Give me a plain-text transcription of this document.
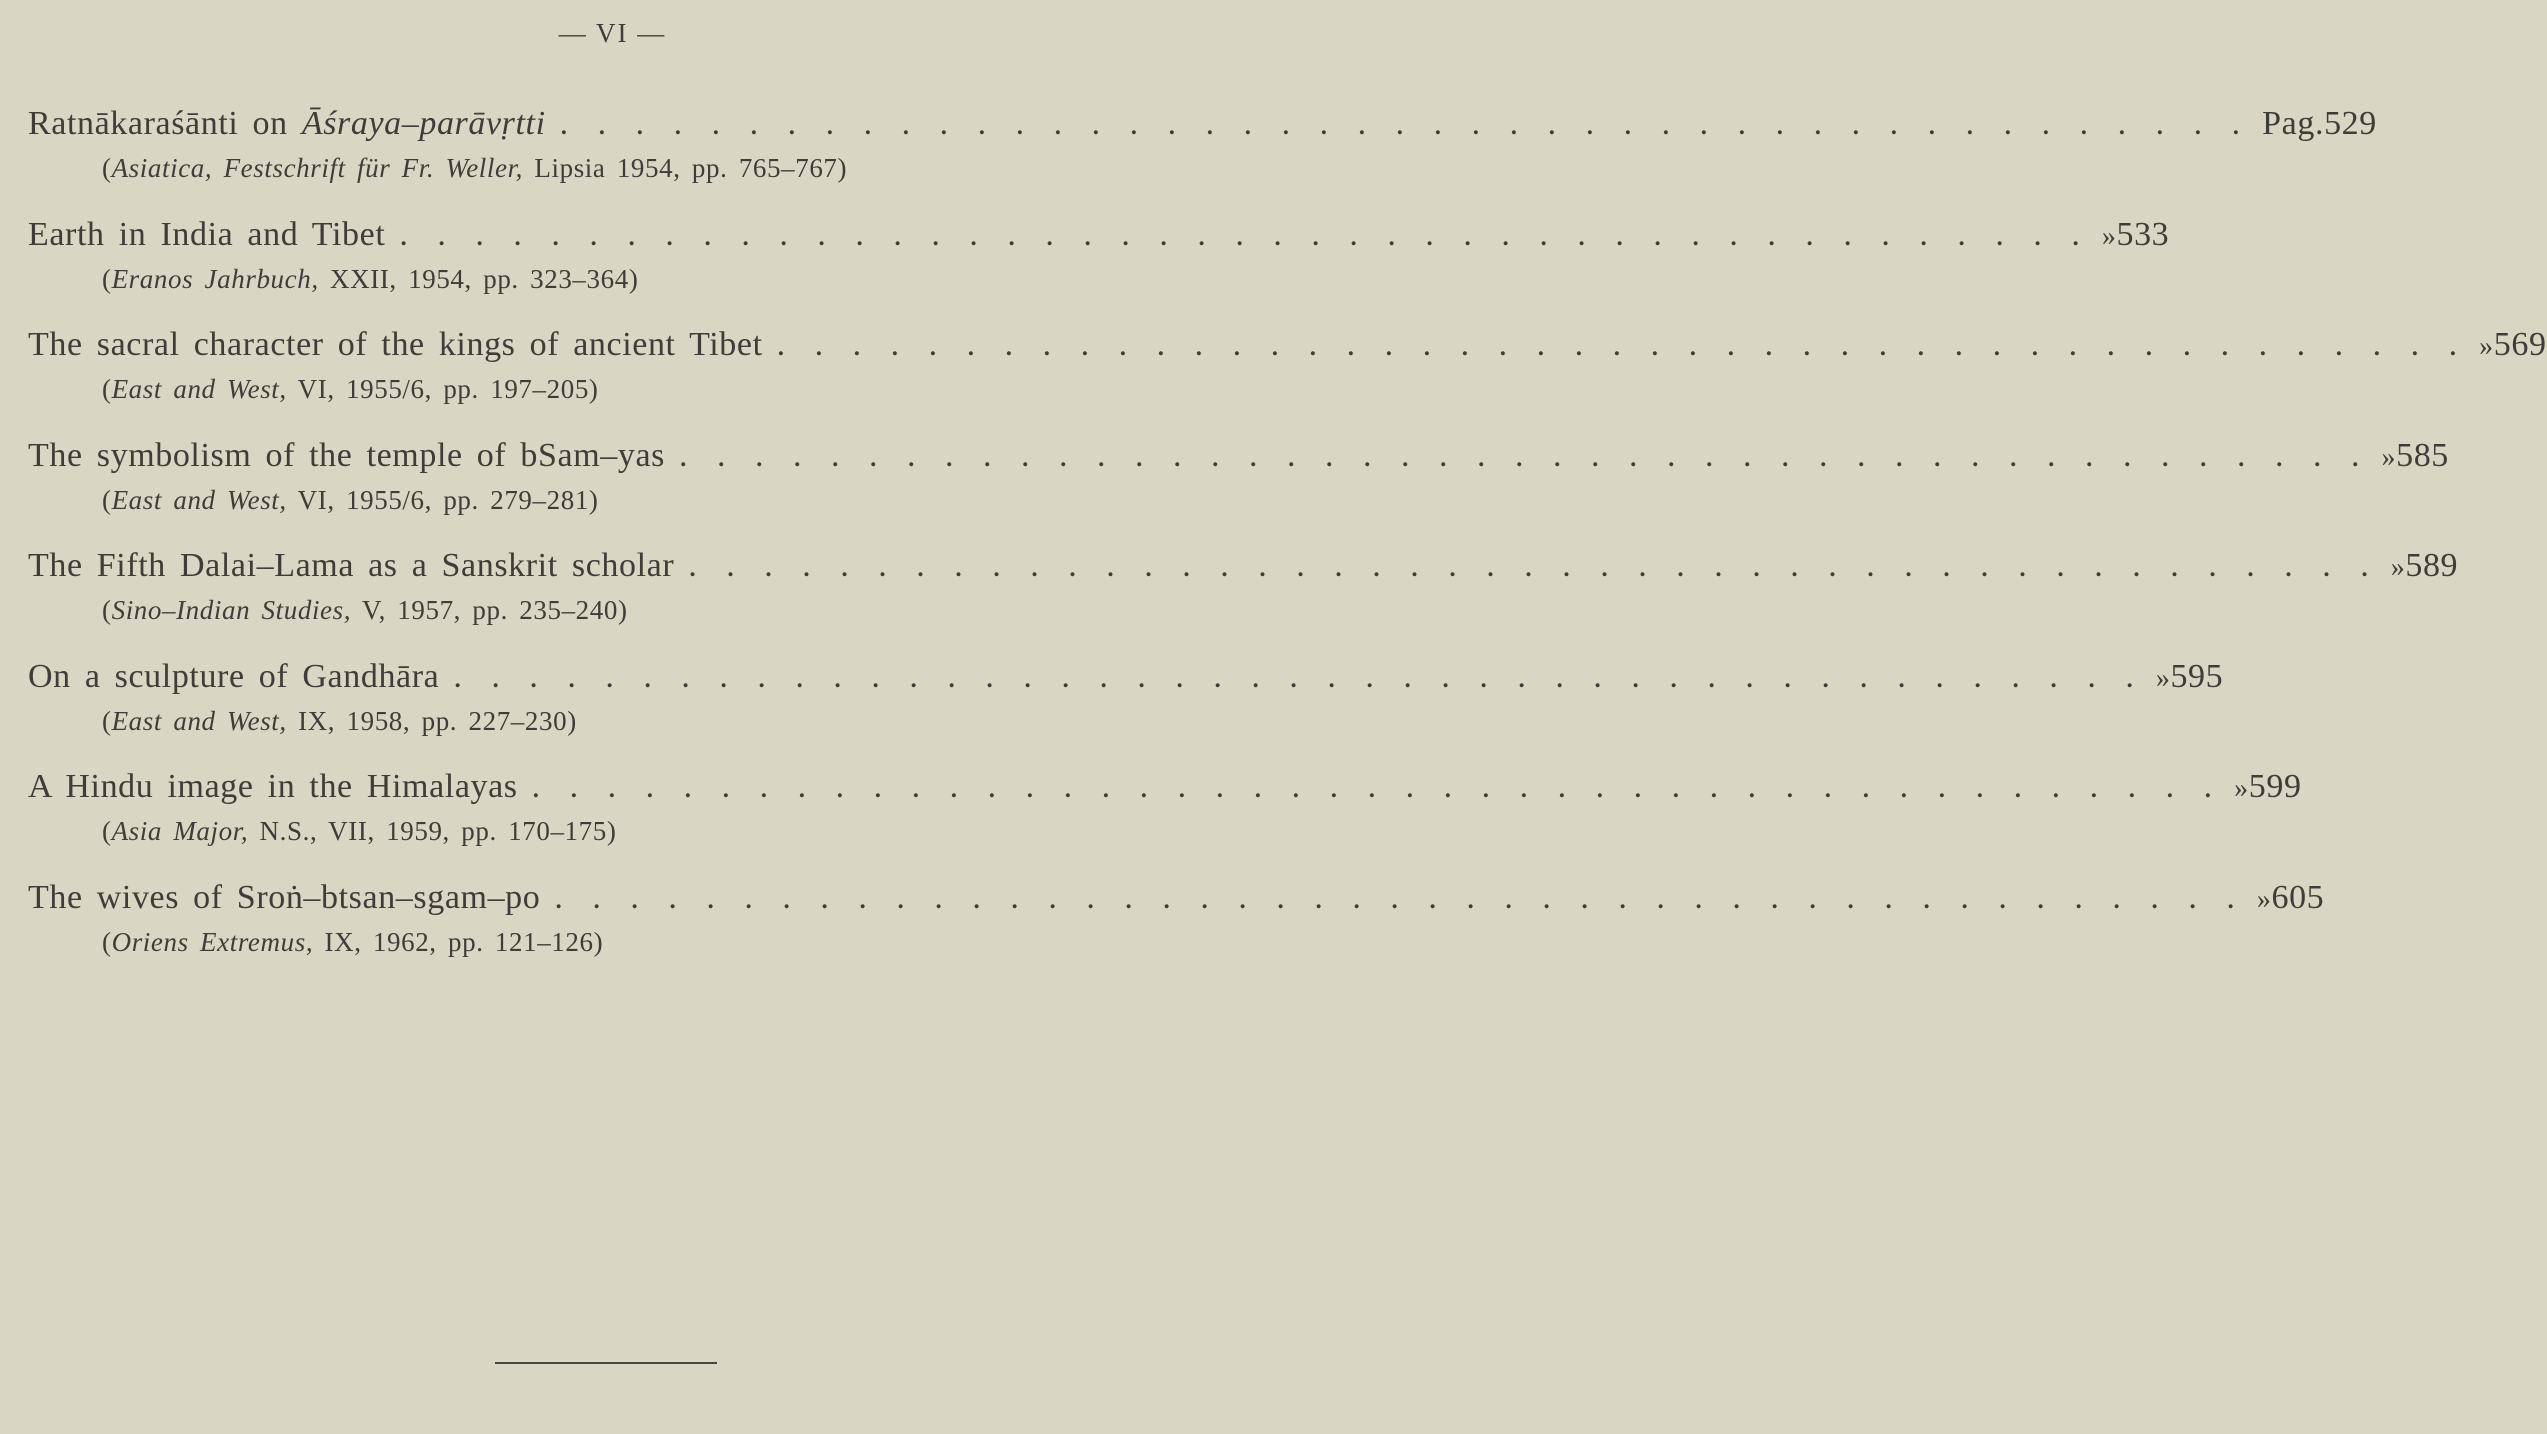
— VI —
Ratnākaraśānti on Āśraya–parāvṛtti . . . . . . . . . . . . . . . . . . . . . . . . . . . . . . . . . . . . . . . . . . . . . Pag. 529
(Asiatica, Festschrift für Fr. Weller, Lipsia 1954, pp. 765–767)
Earth in India and Tibet . . . . . . . . . . . . . . . . . . . . . . . . . . . . . . . . . . . . . . . . . . . . . » 533
(Eranos Jahrbuch, XXII, 1954, pp. 323–364)
The sacral character of the kings of ancient Tibet . . . . . . . . . . . . . . . . . . . . . . . . . . . . . . . . . . . . . . . . . . . . . » 569
(East and West, VI, 1955/6, pp. 197–205)
The symbolism of the temple of bSam–yas . . . . . . . . . . . . . . . . . . . . . . . . . . . . . . . . . . . . . . . . . . . . . » 585
(East and West, VI, 1955/6, pp. 279–281)
The Fifth Dalai–Lama as a Sanskrit scholar . . . . . . . . . . . . . . . . . . . . . . . . . . . . . . . . . . . . . . . . . . . . . » 589
(Sino–Indian Studies, V, 1957, pp. 235–240)
On a sculpture of Gandhāra . . . . . . . . . . . . . . . . . . . . . . . . . . . . . . . . . . . . . . . . . . . . . » 595
(East and West, IX, 1958, pp. 227–230)
A Hindu image in the Himalayas . . . . . . . . . . . . . . . . . . . . . . . . . . . . . . . . . . . . . . . . . . . . . » 599
(Asia Major, N.S., VII, 1959, pp. 170–175)
The wives of Sroṅ–btsan–sgam–po . . . . . . . . . . . . . . . . . . . . . . . . . . . . . . . . . . . . . . . . . . . . . » 605
(Oriens Extremus, IX, 1962, pp. 121–126)
